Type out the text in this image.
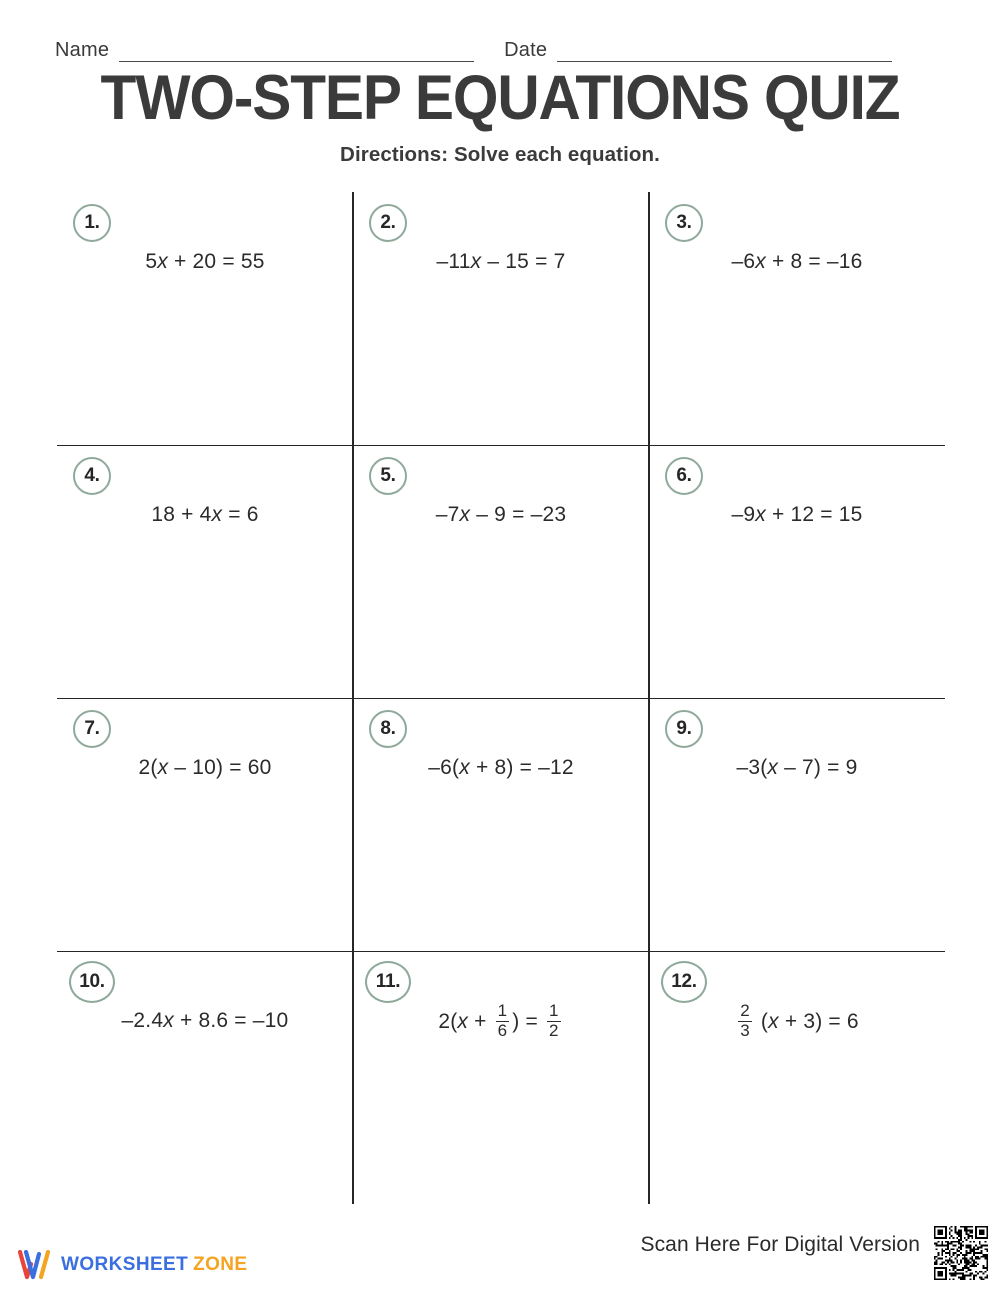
Name	Date
TWO-STEP EQUATIONS QUIZ
Directions: Solve each equation.
1.
5 x + 20 = 55
2.
–11 x – 15 = 7
3.
–6 x + 8 = –16
4.
18 + 4 x = 6
5.
–7 x – 9 = –23
6.
–9 x + 12 = 15
7.
2( x – 10) = 60
8.
–6( x + 8) = –12
9.
–3( x – 7) = 9
10.
–2.4 x + 8.6 = –10
11.
2( $x + \frac{1}{6}$ ) = $\frac{1}{2}$
12.
$\frac{2}{3}$ ( x + 3) = 6
WORKSHEET ZONE
Scan Here For Digital Version
